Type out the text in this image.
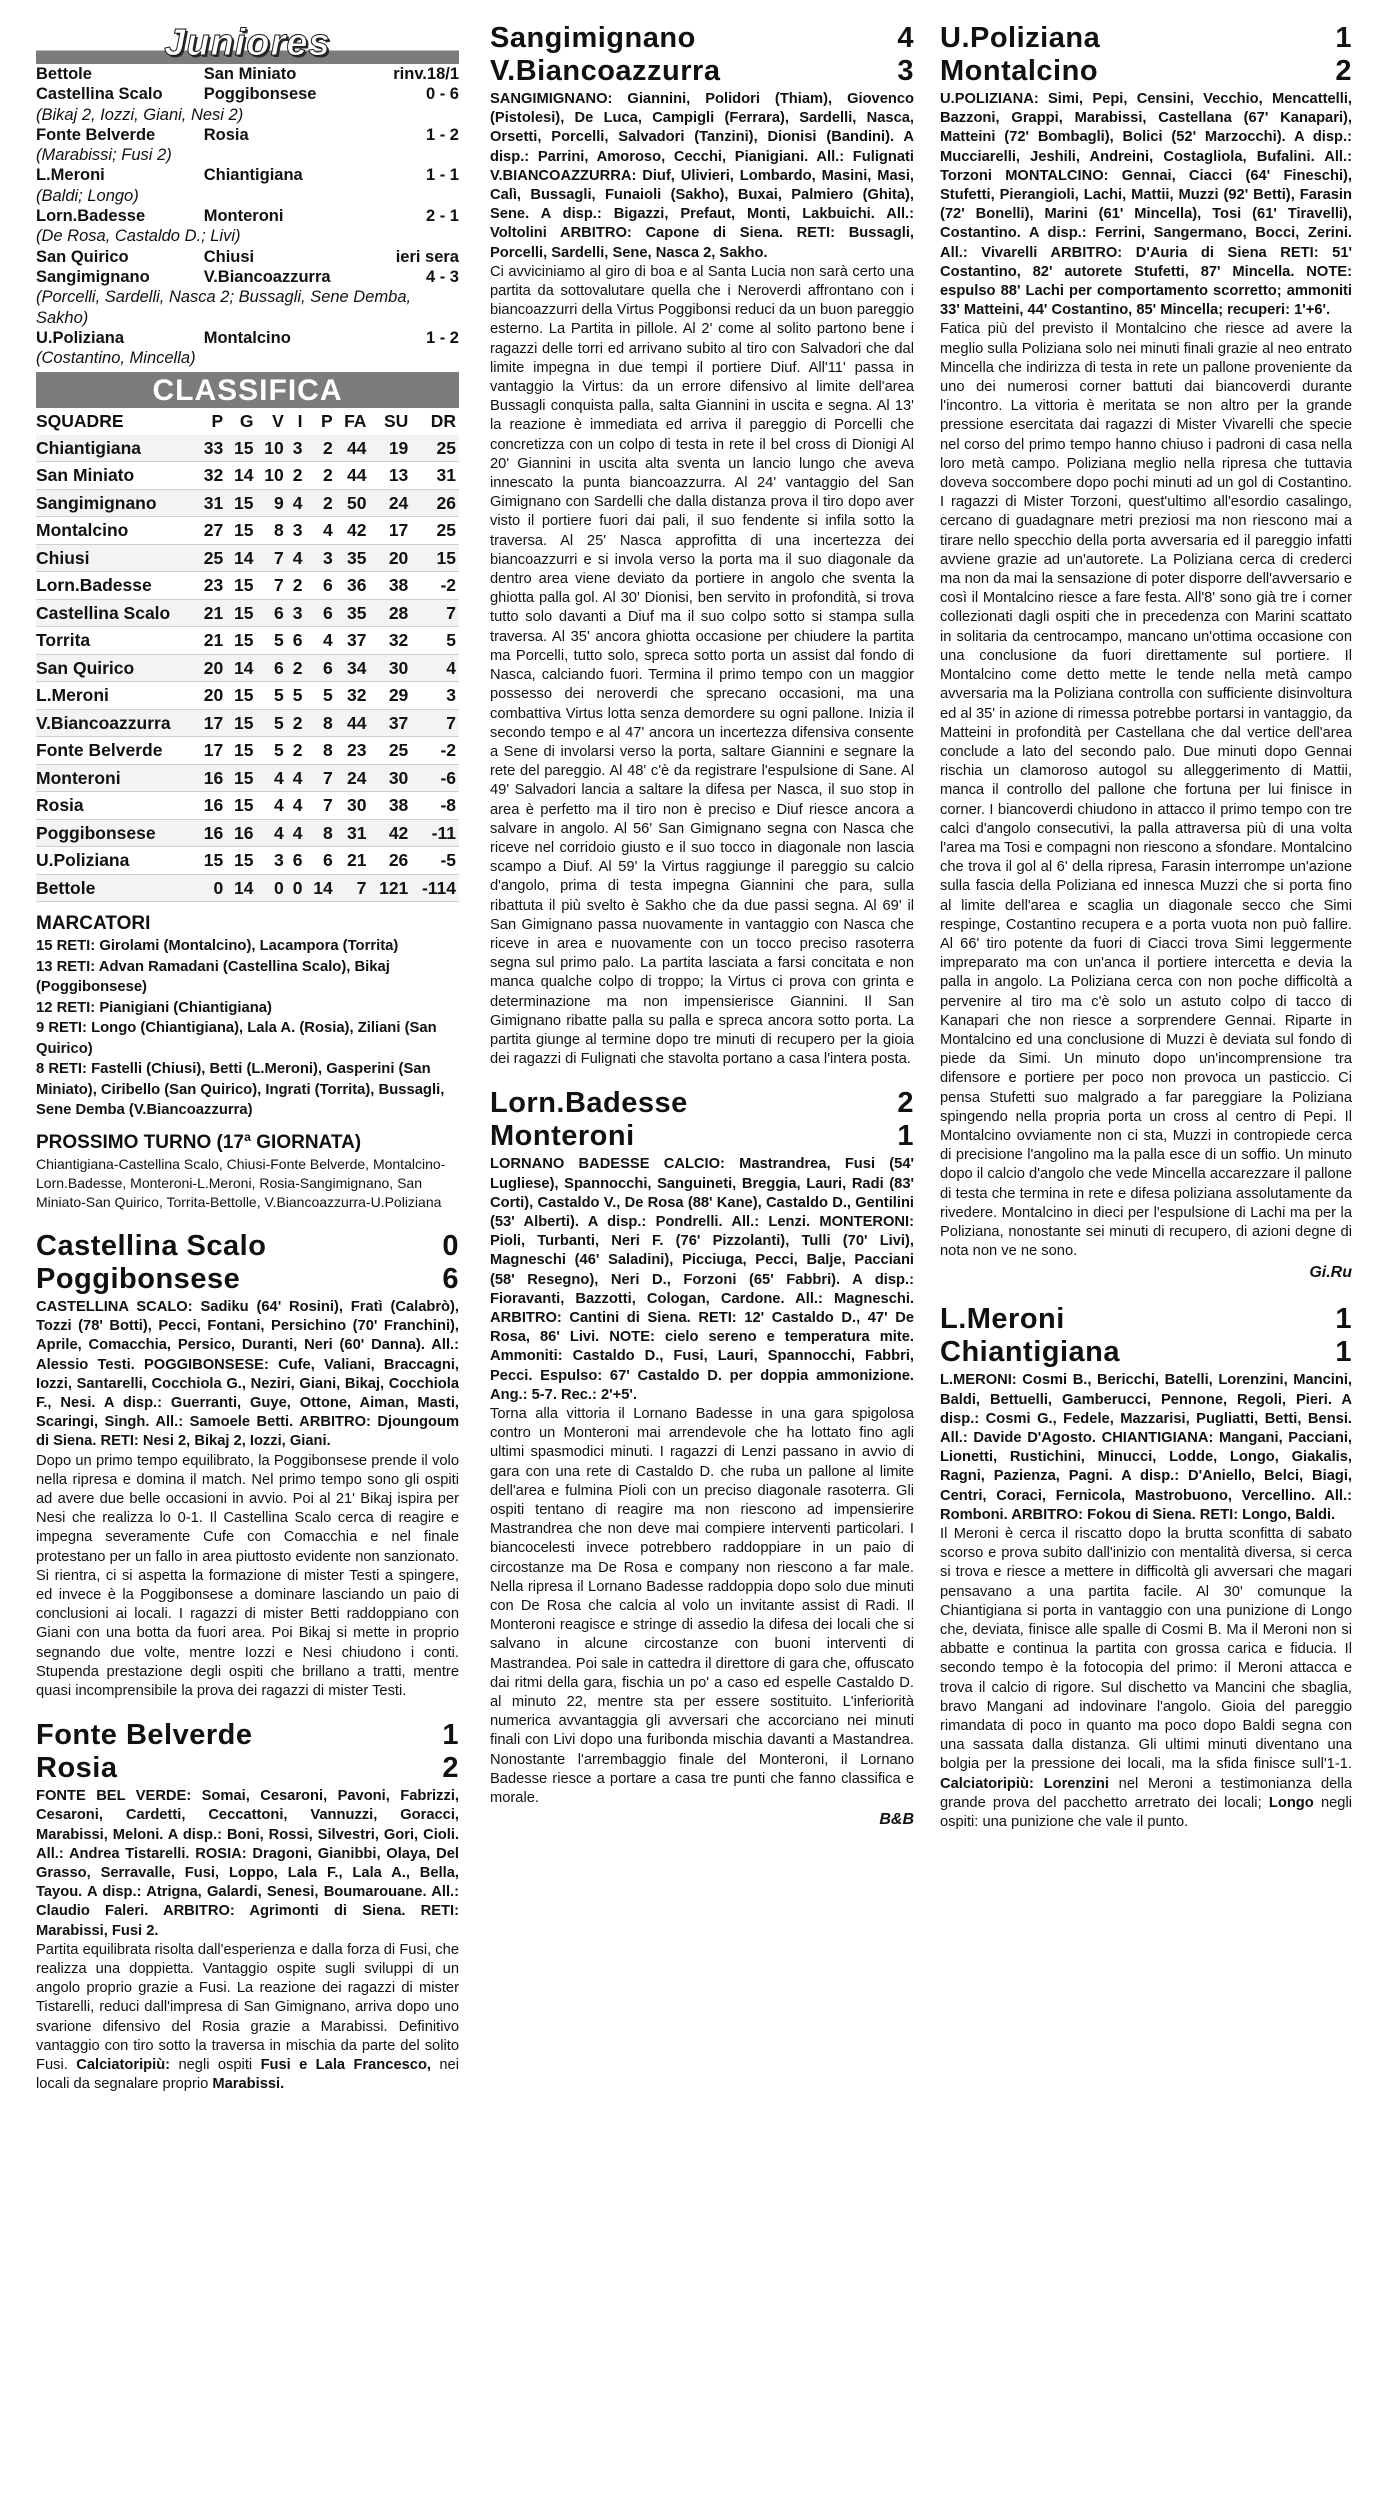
Juniores
Bettole	San Miniato	rinv.18/1
Castellina Scalo	Poggibonsese	0 - 6
(Bikaj 2, Iozzi, Giani, Nesi 2)		
Fonte Belverde	Rosia	1 - 2
(Marabissi; Fusi 2)		
L.Meroni	Chiantigiana	1 - 1
(Baldi; Longo)		
Lorn.Badesse	Monteroni	2 - 1
(De Rosa, Castaldo D.; Livi)		
San Quirico	Chiusi	ieri sera
Sangimignano	V.Biancoazzurra	4 - 3
(Porcelli, Sardelli, Nasca 2; Bussagli, Sene Demba, Sakho)		
U.Poliziana	Montalcino	1 - 2
(Costantino, Mincella)		
CLASSIFICA
SQUADRE	P	G	V	I	P	FA	SU	DR
Chiantigiana	33	15	10	3	2	44	19	25
San Miniato	32	14	10	2	2	44	13	31
Sangimignano	31	15	9	4	2	50	24	26
Montalcino	27	15	8	3	4	42	17	25
Chiusi	25	14	7	4	3	35	20	15
Lorn.Badesse	23	15	7	2	6	36	38	-2
Castellina Scalo	21	15	6	3	6	35	28	7
Torrita	21	15	5	6	4	37	32	5
San Quirico	20	14	6	2	6	34	30	4
L.Meroni	20	15	5	5	5	32	29	3
V.Biancoazzurra	17	15	5	2	8	44	37	7
Fonte Belverde	17	15	5	2	8	23	25	-2
Monteroni	16	15	4	4	7	24	30	-6
Rosia	16	15	4	4	7	30	38	-8
Poggibonsese	16	16	4	4	8	31	42	-11
U.Poliziana	15	15	3	6	6	21	26	-5
Bettole	0	14	0	0	14	7	121	-114
MARCATORI
15 RETI: Girolami (Montalcino), Lacampora (Torrita)
13 RETI: Advan Ramadani (Castellina Scalo), Bikaj (Poggibonsese)
12 RETI: Pianigiani (Chiantigiana)
9 RETI: Longo (Chiantigiana), Lala A. (Rosia), Ziliani (San Quirico)
8 RETI: Fastelli (Chiusi), Betti (L.Meroni), Gasperini (San Miniato), Ciribello (San Quirico), Ingrati (Torrita), Bussagli, Sene Demba (V.Biancoazzurra)
PROSSIMO TURNO (17ª GIORNATA)
Chiantigiana-Castellina Scalo, Chiusi-Fonte Belverde, Montalcino-Lorn.Badesse, Monteroni-L.Meroni, Rosia-Sangimignano, San Miniato-San Quirico, Torrita-Bettolle, V.Biancoazzurra-U.Poliziana
Castellina Scalo	0
Poggibonsese	6
CASTELLINA SCALO: Sadiku (64' Rosini), Fratì (Calabrò), Tozzi (78' Botti), Pecci, Fontani, Persichino (70' Franchini), Aprile, Comacchia, Persico, Duranti, Neri (60' Danna). All.: Alessio Testi. POGGIBONSESE: Cufe, Valiani, Braccagni, Iozzi, Santarelli, Cocchiola G., Neziri, Giani, Bikaj, Cocchiola F., Nesi. A disp.: Guerranti, Guye, Ottone, Aiman, Masti, Scaringi, Singh. All.: Samoele Betti. ARBITRO: Djoungoum di Siena. RETI: Nesi 2, Bikaj 2, Iozzi, Giani.
Dopo un primo tempo equilibrato, la Poggibonsese prende il volo nella ripresa e domina il match. Nel primo tempo sono gli ospiti ad avere due belle occasioni in avvio. Poi al 21' Bikaj ispira per Nesi che realizza lo 0-1. Il Castellina Scalo cerca di reagire e impegna severamente Cufe con Comacchia e nel finale protestano per un fallo in area piuttosto evidente non sanzionato. Si rientra, ci si aspetta la formazione di mister Testi a spingere, ed invece è la Poggibonsese a dominare lasciando un paio di conclusioni ai locali. I ragazzi di mister Betti raddoppiano con Giani con una botta da fuori area. Poi Bikaj si mette in proprio segnando due volte, mentre Iozzi e Nesi chiudono i conti. Stupenda prestazione degli ospiti che brillano a tratti, mentre quasi incomprensibile la prova dei ragazzi di mister Testi.
Fonte Belverde	1
Rosia	2
FONTE BEL VERDE: Somai, Cesaroni, Pavoni, Fabrizzi, Cesaroni, Cardetti, Ceccattoni, Vannuzzi, Goracci, Marabissi, Meloni. A disp.: Boni, Rossi, Silvestri, Gori, Cioli. All.: Andrea Tistarelli. ROSIA: Dragoni, Gianibbi, Olaya, Del Grasso, Serravalle, Fusi, Loppo, Lala F., Lala A., Bella, Tayou. A disp.: Atrigna, Galardi, Senesi, Boumarouane. All.: Claudio Faleri. ARBITRO: Agrimonti di Siena. RETI: Marabissi, Fusi 2.
Partita equilibrata risolta dall'esperienza e dalla forza di Fusi, che realizza una doppietta. Vantaggio ospite sugli sviluppi di un angolo proprio grazie a Fusi. La reazione dei ragazzi di mister Tistarelli, reduci dall'impresa di San Gimignano, arriva dopo uno svarione difensivo del Rosia grazie a Marabissi. Definitivo vantaggio con tiro sotto la traversa in mischia da parte del solito Fusi. Calciatoripiù: negli ospiti Fusi e Lala Francesco, nei locali da segnalare proprio Marabissi.
Sangimignano	4
V.Biancoazzurra	3
SANGIMIGNANO: Giannini, Polidori (Thiam), Giovenco (Pistolesi), De Luca, Campigli (Ferrara), Sardelli, Nasca, Orsetti, Porcelli, Salvadori (Tanzini), Dionisi (Bandini). A disp.: Parrini, Amoroso, Cecchi, Pianigiani. All.: Fulignati V.BIANCOAZZURRA: Diuf, Ulivieri, Lombardo, Masini, Masi, Calì, Bussagli, Funaioli (Sakho), Buxai, Palmiero (Ghita), Sene. A disp.: Bigazzi, Prefaut, Monti, Lakbuichi. All.: Voltolini ARBITRO: Capone di Siena. RETI: Bussagli, Porcelli, Sardelli, Sene, Nasca 2, Sakho.
Ci avviciniamo al giro di boa e al Santa Lucia non sarà certo una partita da sottovalutare quella che i Neroverdi affrontano con i biancoazzurri della Virtus Poggibonsi reduci da un buon pareggio esterno. La Partita in pillole. Al 2' come al solito partono bene i ragazzi delle torri ed arrivano subito al tiro con Salvadori che dal limite impegna in due tempi il portiere Diuf. All'11' passa in vantaggio la Virtus: da un errore difensivo al limite dell'area Bussagli conquista palla, salta Giannini in uscita e segna. Al 13' la reazione è immediata ed arriva il pareggio di Porcelli che concretizza con un colpo di testa in rete il bel cross di Dionigi Al 20' Giannini in uscita alta sventa un lancio lungo che aveva innescato la punta biancoazzurra. Al 24' vantaggio del San Gimignano con Sardelli che dalla distanza prova il tiro dopo aver visto il portiere fuori dai pali, il suo fendente si infila sotto la traversa. Al 25' Nasca approfitta di una incertezza dei biancoazzurri e si invola verso la porta ma il suo diagonale da dentro area viene deviato da portiere in angolo che sventa la ghiotta palla gol. Al 30' Dionisi, ben servito in profondità, si trova tutto solo davanti a Diuf ma il suo colpo sotto si stampa sulla traversa. Al 35' ancora ghiotta occasione per chiudere la partita ma Porcelli, tutto solo, spreca sotto porta un assist dal fondo di Nasca, calciando fuori. Termina il primo tempo con un maggior possesso dei neroverdi che sprecano occasioni, ma una combattiva Virtus lotta senza demordere su ogni pallone. Inizia il secondo tempo e al 47' ancora un incertezza difensiva consente a Sene di involarsi verso la porta, saltare Giannini e segnare la rete del pareggio. Al 48' c'è da registrare l'espulsione di Sane. Al 49' Salvadori lancia a saltare la difesa per Nasca, il suo stop in area è perfetto ma il tiro non è preciso e Diuf riesce ancora a salvare in angolo. Al 56' San Gimignano segna con Nasca che riceve nel corridoio giusto e il suo tocco in diagonale non lascia scampo a Diuf. Al 59' la Virtus raggiunge il pareggio su calcio d'angolo, prima di testa impegna Giannini che para, sulla ribattuta il più svelto è Sakho che da due passi segna. Al 69' il San Gimignano passa nuovamente in vantaggio con Nasca che riceve in area e nuovamente con un tocco preciso rasoterra segna sul primo palo. La partita lasciata a farsi concitata e non manca qualche colpo di troppo; la Virtus ci prova con grinta e determinazione ma non impensierisce Giannini. Il San Gimignano ribatte palla su palla e spreca ancora sotto porta. La partita giunge al termine dopo tre minuti di recupero per la gioia dei ragazzi di Fulignati che stavolta portano a casa l'intera posta.
Lorn.Badesse	2
Monteroni	1
LORNANO BADESSE CALCIO: Mastrandrea, Fusi (54' Lugliese), Spannocchi, Sanguineti, Breggia, Lauri, Radi (83' Corti), Castaldo V., De Rosa (88' Kane), Castaldo D., Gentilini (53' Alberti). A disp.: Pondrelli. All.: Lenzi. MONTERONI: Pioli, Turbanti, Neri F. (76' Pizzolanti), Tulli (70' Livi), Magneschi (46' Saladini), Picciuga, Pecci, Balje, Pacciani (58' Resegno), Neri D., Forzoni (65' Fabbri). A disp.: Fioravanti, Bazzotti, Cologan, Cardone. All.: Magneschi. ARBITRO: Cantini di Siena. RETI: 12' Castaldo D., 47' De Rosa, 86' Livi. NOTE: cielo sereno e temperatura mite. Ammoniti: Castaldo D., Fusi, Lauri, Spannocchi, Fabbri, Pecci. Espulso: 67' Castaldo D. per doppia ammonizione. Ang.: 5-7. Rec.: 2'+5'.
Torna alla vittoria il Lornano Badesse in una gara spigolosa contro un Monteroni mai arrendevole che ha lottato fino agli ultimi spasmodici minuti. I ragazzi di Lenzi passano in avvio di gara con una rete di Castaldo D. che ruba un pallone al limite dell'area e fulmina Pioli con un preciso diagonale rasoterra. Gli ospiti tentano di reagire ma non riescono ad impensierire Mastrandrea che non deve mai compiere interventi particolari. I biancocelesti invece potrebbero raddoppiare in un paio di circostanze ma De Rosa e company non riescono a far male. Nella ripresa il Lornano Badesse raddoppia dopo solo due minuti con De Rosa che calcia al volo un invitante assist di Radi. Il Monteroni reagisce e stringe di assedio la difesa dei locali che si salvano in alcune circostanze con buoni interventi di Mastrandea. Poi sale in cattedra il direttore di gara che, offuscato dai ritmi della gara, fischia un po' a caso ed espelle Castaldo D. al minuto 22, mentre sta per essere sostituito. L'inferiorità numerica avvantaggia gli avversari che accorciano nei minuti finali con Livi dopo una furibonda mischia davanti a Mastandrea. Nonostante l'arrembaggio finale del Monteroni, il Lornano Badesse riesce a portare a casa tre punti che fanno classifica e morale.
B&B
U.Poliziana	1
Montalcino	2
U.POLIZIANA: Simi, Pepi, Censini, Vecchio, Mencattelli, Bazzoni, Grappi, Marabissi, Castellana (67' Kanapari), Matteini (72' Bombagli), Bolici (52' Marzocchi). A disp.: Mucciarelli, Jeshili, Andreini, Costagliola, Bufalini. All.: Torzoni MONTALCINO: Gennai, Ciacci (64' Fineschi), Stufetti, Pierangioli, Lachi, Mattii, Muzzi (92' Betti), Farasin (72' Bonelli), Marini (61' Mincella), Tosi (61' Tiravelli), Costantino. A disp.: Ferrini, Sangermano, Bocci, Zerini. All.: Vivarelli ARBITRO: D'Auria di Siena RETI: 51' Costantino, 82' autorete Stufetti, 87' Mincella. NOTE: espulso 88' Lachi per comportamento scorretto; ammoniti 33' Matteini, 44' Costantino, 85' Mincella; recuperi: 1'+6'.
Fatica più del previsto il Montalcino che riesce ad avere la meglio sulla Poliziana solo nei minuti finali grazie al neo entrato Mincella che indirizza di testa in rete un pallone proveniente da uno dei numerosi corner battuti dai biancoverdi durante l'incontro. La vittoria è meritata se non altro per la grande pressione esercitata dai ragazzi di Mister Vivarelli che specie nel corso del primo tempo hanno chiuso i padroni di casa nella loro metà campo. Poliziana meglio nella ripresa che tuttavia doveva soccombere dopo pochi minuti ad un gol di Costantino. I ragazzi di Mister Torzoni, quest'ultimo all'esordio casalingo, cercano di guadagnare metri preziosi ma non riescono mai a tirare nello specchio della porta avversaria ed il pareggio infatti avviene grazie ad un'autorete. La Poliziana cerca di crederci ma non da mai la sensazione di poter disporre dell'avversario e così il Montalcino riesce a fare festa. All'8' sono già tre i corner collezionati dagli ospiti che in precedenza con Marini scattato in solitaria da centrocampo, mancano un'ottima occasione con una conclusione da fuori direttamente sul portiere. Il Montalcino come detto mette le tende nella metà campo avversaria ma la Poliziana controlla con sufficiente disinvoltura ed al 35' in azione di rimessa potrebbe portarsi in vantaggio, da Matteini in profondità per Castellana che dal vertice dell'area conclude a lato del secondo palo. Due minuti dopo Gennai rischia un clamoroso autogol su alleggerimento di Mattii, manca il controllo del pallone che fortuna per lui finisce in corner. I biancoverdi chiudono in attacco il primo tempo con tre calci d'angolo consecutivi, la palla attraversa più di una volta l'area ma Tosi e compagni non riescono a sfondare. Montalcino che trova il gol al 6' della ripresa, Farasin interrompe un'azione sulla fascia della Poliziana ed innesca Muzzi che si porta fino al limite dell'area e scaglia un diagonale secco che Simi respinge, Costantino recupera e a porta vuota non può fallire. Al 66' tiro potente da fuori di Ciacci trova Simi leggermente impreparato ma con un'anca il portiere intercetta e devia la palla in angolo. La Poliziana cerca con non poche difficoltà a pervenire al tiro ma c'è solo un astuto colpo di tacco di Kanapari che non riesce a sorprendere Gennai. Riparte in Montalcino ed una conclusione di Muzzi è deviata sul fondo di piede da Simi. Un minuto dopo un'incomprensione tra difensore e portiere per poco non provoca un pasticcio. Ci pensa Stufetti suo malgrado a far pareggiare la Poliziana spingendo nella propria porta un cross al centro di Pepi. Il Montalcino ovviamente non ci sta, Muzzi in contropiede cerca di precisione l'angolino ma la palla esce di un soffio. Un minuto dopo il calcio d'angolo che vede Mincella accarezzare il pallone di testa che termina in rete e difesa poliziana assolutamente da rivedere. Montalcino in dieci per l'espulsione di Lachi ma per la Poliziana, nonostante sei minuti di recupero, di azioni degne di nota non ve ne sono.
Gi.Ru
L.Meroni	1
Chiantigiana	1
L.MERONI: Cosmi B., Bericchi, Batelli, Lorenzini, Mancini, Baldi, Bettuelli, Gamberucci, Pennone, Regoli, Pieri. A disp.: Cosmi G., Fedele, Mazzarisi, Pugliatti, Betti, Bensi. All.: Davide D'Agosto. CHIANTIGIANA: Mangani, Pacciani, Lionetti, Rustichini, Minucci, Lodde, Longo, Giakalis, Ragni, Pazienza, Pagni. A disp.: D'Aniello, Belci, Biagi, Centri, Coraci, Fernicola, Mastrobuono, Vercellino. All.: Romboni. ARBITRO: Fokou di Siena. RETI: Longo, Baldi.
Il Meroni è cerca il riscatto dopo la brutta sconfitta di sabato scorso e prova subito dall'inizio con mentalità diversa, si cerca si trova e riesce a mettere in difficoltà gli avversari che magari pensavano a una partita facile. Al 30' comunque la Chiantigiana si porta in vantaggio con una punizione di Longo che, deviata, finisce alle spalle di Cosmi B. Ma il Meroni non si abbatte e continua la partita con grossa carica e fiducia. Il secondo tempo è la fotocopia del primo: il Meroni attacca e trova il calcio di rigore. Sul dischetto va Mancini che sbaglia, bravo Mangani ad indovinare l'angolo. Gioia del pareggio rimandata di poco in quanto ma poco dopo Baldi segna con una sassata dalla distanza. Gli ultimi minuti diventano una bolgia per la pressione dei locali, ma la sfida finisce sull'1-1. Calciatoripiù: Lorenzini nel Meroni a testimonianza della grande prova del pacchetto arretrato dei locali; Longo negli ospiti: una punizione che vale il punto.
